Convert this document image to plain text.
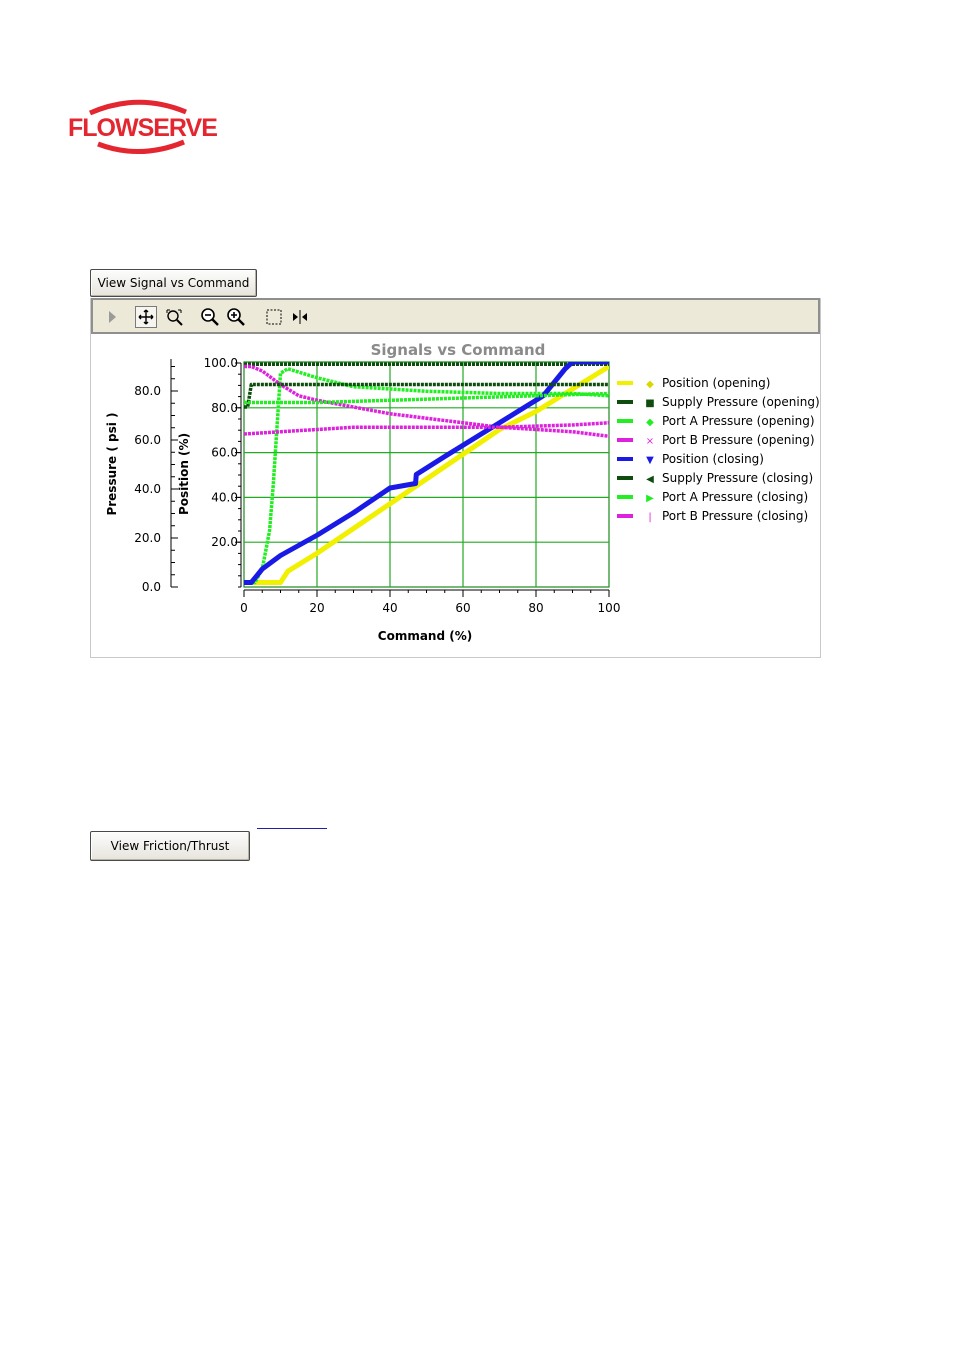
FLOWSERVE
View Signal vs Command
Signals vs Command
0	20	40	60	80	100
20.0
40.0
60.0
80.0
100.0
0.0
20.0
40.0
60.0
80.0
Command (%)
Pressure ( psi )	Position (%)
◆ Position (opening)
■ Supply Pressure (opening)
◆ Port A Pressure (opening)
× Port B Pressure (opening)
▼ Position (closing)
◀ Supply Pressure (closing)
▶ Port A Pressure (closing)
| Port B Pressure (closing)
View Friction/Thrust
